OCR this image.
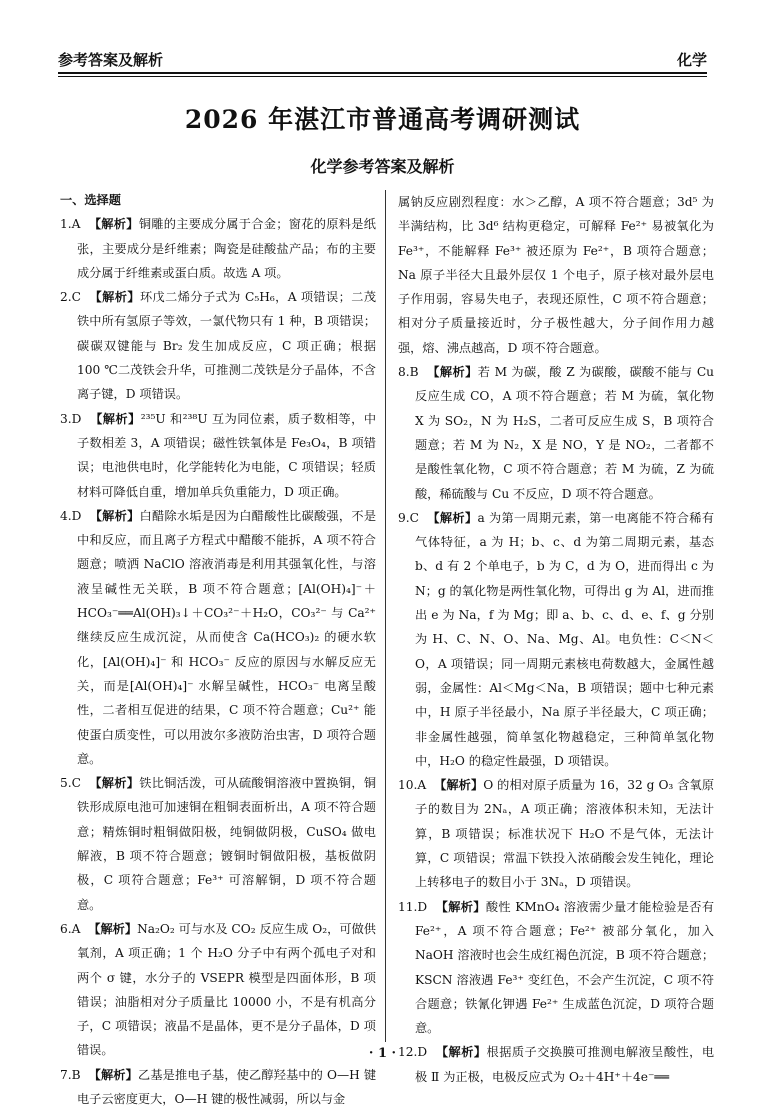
参考答案及解析	化学
2026 年湛江市普通高考调研测试
化学参考答案及解析
一、选择题

1.A 【解析】铜雕的主要成分属于合金；窗花的原料是纸张，主要成分是纤维素；陶瓷是硅酸盐产品；布的主要成分属于纤维素或蛋白质。故选 A 项。

2.C 【解析】环戊二烯分子式为 C₅H₆，A 项错误；二茂铁中所有氢原子等效，一氯代物只有 1 种，B 项错误；碳碳双键能与 Br₂ 发生加成反应，C 项正确；根据 100 ℃二茂铁会升华，可推测二茂铁是分子晶体，不含离子键，D 项错误。

3.D 【解析】²³⁵U 和²³⁸U 互为同位素，质子数相等，中子数相差 3，A 项错误；磁性铁氧体是 Fe₃O₄，B 项错误；电池供电时，化学能转化为电能，C 项错误；轻质材料可降低自重，增加单兵负重能力，D 项正确。

4.D 【解析】白醋除水垢是因为白醋酸性比碳酸强，不是中和反应，而且离子方程式中醋酸不能拆，A 项不符合题意；喷洒 NaClO 溶液消毒是利用其强氧化性，与溶液呈碱性无关联，B 项不符合题意；[Al(OH)₄]⁻＋HCO₃⁻══Al(OH)₃↓＋CO₃²⁻＋H₂O，CO₃²⁻ 与 Ca²⁺ 继续反应生成沉淀，从而使含 Ca(HCO₃)₂ 的硬水软化，[Al(OH)₄]⁻ 和 HCO₃⁻ 反应的原因与水解反应无关，而是[Al(OH)₄]⁻ 水解呈碱性，HCO₃⁻ 电离呈酸性，二者相互促进的结果，C 项不符合题意；Cu²⁺ 能使蛋白质变性，可以用波尔多液防治虫害，D 项符合题意。

5.C 【解析】铁比铜活泼，可从硫酸铜溶液中置换铜，铜铁形成原电池可加速铜在粗铜表面析出，A 项不符合题意；精炼铜时粗铜做阳极，纯铜做阴极，CuSO₄ 做电解液，B 项不符合题意；镀铜时铜做阳极，基板做阴极，C 项符合题意；Fe³⁺ 可溶解铜，D 项不符合题意。

6.A 【解析】Na₂O₂ 可与水及 CO₂ 反应生成 O₂，可做供氧剂，A 项正确；1 个 H₂O 分子中有两个孤电子对和两个 σ 键，水分子的 VSEPR 模型是四面体形，B 项错误；油脂相对分子质量比 10000 小，不是有机高分子，C 项错误；液晶不是晶体，更不是分子晶体，D 项错误。

7.B 【解析】乙基是推电子基，使乙醇羟基中的 O—H 键电子云密度更大，O—H 键的极性减弱，所以与金

属钠反应剧烈程度：水＞乙醇，A 项不符合题意；3d⁵ 为半满结构，比 3d⁶ 结构更稳定，可解释 Fe²⁺ 易被氧化为 Fe³⁺，不能解释 Fe³⁺ 被还原为 Fe²⁺，B 项符合题意；Na 原子半径大且最外层仅 1 个电子，原子核对最外层电子作用弱，容易失电子，表现还原性，C 项不符合题意；相对分子质量接近时，分子极性越大，分子间作用力越强，熔、沸点越高，D 项不符合题意。

8.B 【解析】若 M 为碳，酸 Z 为碳酸，碳酸不能与 Cu 反应生成 CO，A 项不符合题意；若 M 为硫，氧化物 X 为 SO₂，N 为 H₂S，二者可反应生成 S，B 项符合题意；若 M 为 N₂，X 是 NO，Y 是 NO₂，二者都不是酸性氧化物，C 项不符合题意；若 M 为硫，Z 为硫酸，稀硫酸与 Cu 不反应，D 项不符合题意。

9.C 【解析】a 为第一周期元素，第一电离能不符合稀有气体特征，a 为 H；b、c、d 为第二周期元素，基态 b、d 有 2 个单电子，b 为 C，d 为 O，进而得出 c 为 N；g 的氧化物是两性氧化物，可得出 g 为 Al，进而推出 e 为 Na，f 为 Mg；即 a、b、c、d、e、f、g 分别为 H、C、N、O、Na、Mg、Al。电负性：C＜N＜O，A 项错误；同一周期元素核电荷数越大，金属性越弱，金属性：Al＜Mg＜Na，B 项错误；题中七种元素中，H 原子半径最小，Na 原子半径最大，C 项正确；非金属性越强，简单氢化物越稳定，三种简单氢化物中，H₂O 的稳定性最强，D 项错误。

10.A 【解析】O 的相对原子质量为 16，32 g O₃ 含氧原子的数目为 2Nₐ，A 项正确；溶液体积未知，无法计算，B 项错误；标准状况下 H₂O 不是气体，无法计算，C 项错误；常温下铁投入浓硝酸会发生钝化，理论上转移电子的数目小于 3Nₐ，D 项错误。

11.D 【解析】酸性 KMnO₄ 溶液需少量才能检验是否有 Fe²⁺，A 项不符合题意；Fe²⁺ 被部分氧化，加入 NaOH 溶液时也会生成红褐色沉淀，B 项不符合题意；KSCN 溶液遇 Fe³⁺ 变红色，不会产生沉淀，C 项不符合题意；铁氰化钾遇 Fe²⁺ 生成蓝色沉淀，D 项符合题意。

12.D 【解析】根据质子交换膜可推测电解液呈酸性，电极 Ⅱ 为正极，电极反应式为 O₂＋4H⁺＋4e⁻══

· 1 ·
